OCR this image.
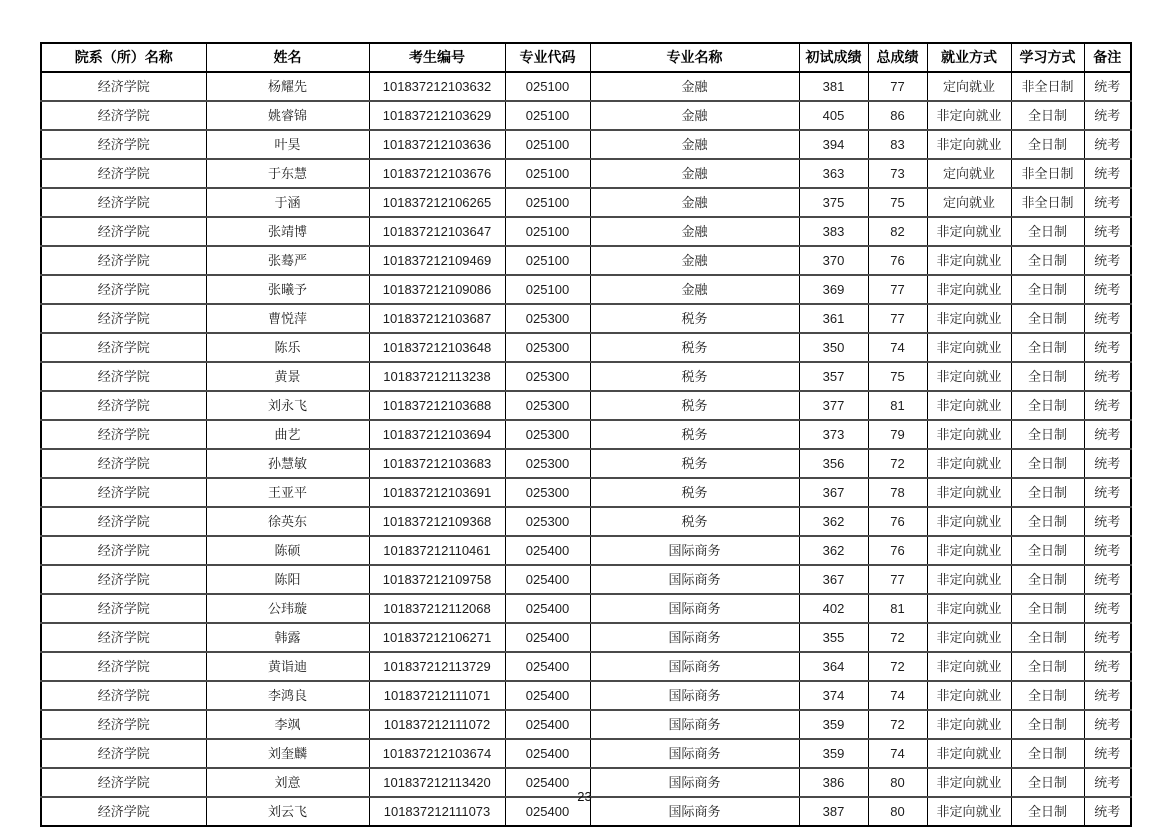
院系（所）名称	姓名	考生编号	专业代码	专业名称	初试成绩	总成绩	就业方式	学习方式	备注
经济学院	杨耀先	101837212103632	025100	金融	381	77	定向就业	非全日制	统考
经济学院	姚睿锦	101837212103629	025100	金融	405	86	非定向就业	全日制	统考
经济学院	叶昊	101837212103636	025100	金融	394	83	非定向就业	全日制	统考
经济学院	于东慧	101837212103676	025100	金融	363	73	定向就业	非全日制	统考
经济学院	于涵	101837212106265	025100	金融	375	75	定向就业	非全日制	统考
经济学院	张靖博	101837212103647	025100	金融	383	82	非定向就业	全日制	统考
经济学院	张蓦严	101837212109469	025100	金融	370	76	非定向就业	全日制	统考
经济学院	张曦予	101837212109086	025100	金融	369	77	非定向就业	全日制	统考
经济学院	曹悦萍	101837212103687	025300	税务	361	77	非定向就业	全日制	统考
经济学院	陈乐	101837212103648	025300	税务	350	74	非定向就业	全日制	统考
经济学院	黄景	101837212113238	025300	税务	357	75	非定向就业	全日制	统考
经济学院	刘永飞	101837212103688	025300	税务	377	81	非定向就业	全日制	统考
经济学院	曲艺	101837212103694	025300	税务	373	79	非定向就业	全日制	统考
经济学院	孙慧敏	101837212103683	025300	税务	356	72	非定向就业	全日制	统考
经济学院	王亚平	101837212103691	025300	税务	367	78	非定向就业	全日制	统考
经济学院	徐英东	101837212109368	025300	税务	362	76	非定向就业	全日制	统考
经济学院	陈硕	101837212110461	025400	国际商务	362	76	非定向就业	全日制	统考
经济学院	陈阳	101837212109758	025400	国际商务	367	77	非定向就业	全日制	统考
经济学院	公玮璇	101837212112068	025400	国际商务	402	81	非定向就业	全日制	统考
经济学院	韩露	101837212106271	025400	国际商务	355	72	非定向就业	全日制	统考
经济学院	黄诣迪	101837212113729	025400	国际商务	364	72	非定向就业	全日制	统考
经济学院	李鸿良	101837212111071	025400	国际商务	374	74	非定向就业	全日制	统考
经济学院	李飒	101837212111072	025400	国际商务	359	72	非定向就业	全日制	统考
经济学院	刘奎麟	101837212103674	025400	国际商务	359	74	非定向就业	全日制	统考
经济学院	刘意	101837212113420	025400	国际商务	386	80	非定向就业	全日制	统考
经济学院	刘云飞	101837212111073	025400	国际商务	387	80	非定向就业	全日制	统考
23
